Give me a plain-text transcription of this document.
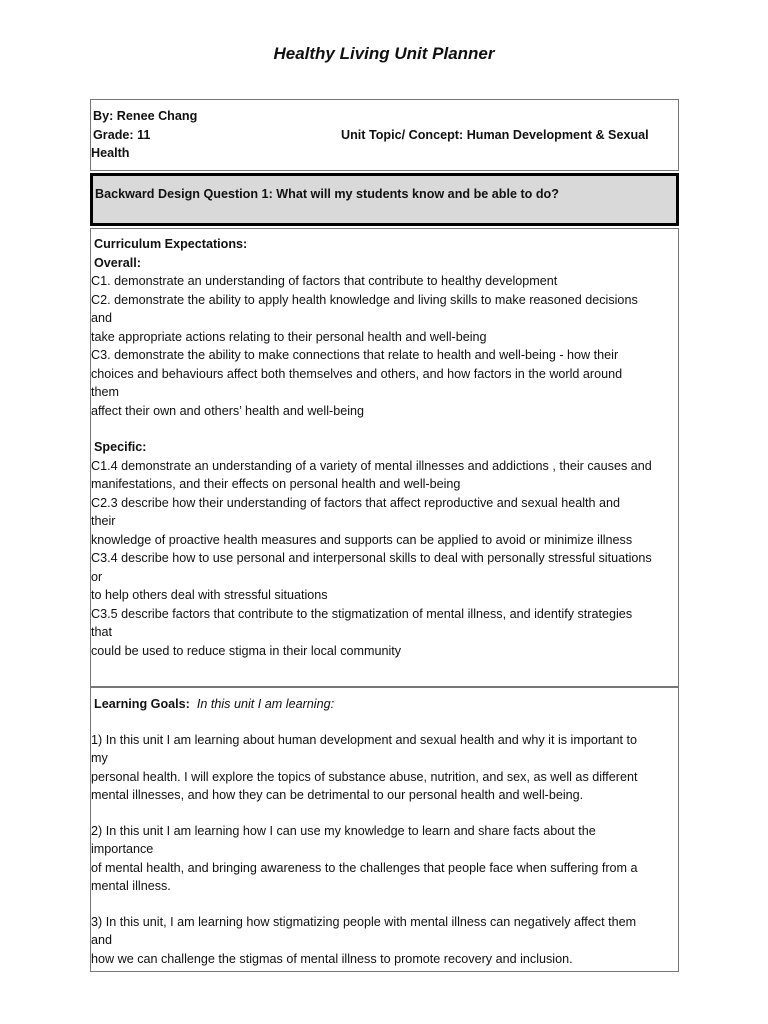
Healthy Living Unit Planner
By: Renee Chang
Grade: 11	Unit Topic/ Concept: Human Development & Sexual
Health
Backward Design Question 1: What will my students know and be able to do?
Curriculum Expectations:
Overall:
C1. demonstrate an understanding of factors that contribute to healthy development
C2. demonstrate the ability to apply health knowledge and living skills to make reasoned decisions
and
take appropriate actions relating to their personal health and well-being
C3. demonstrate the ability to make connections that relate to health and well-being - how their
choices and behaviours affect both themselves and others, and how factors in the world around
them
affect their own and others’ health and well-being
Specific:
C1.4 demonstrate an understanding of a variety of mental illnesses and addictions , their causes and
manifestations, and their effects on personal health and well-being
C2.3 describe how their understanding of factors that affect reproductive and sexual health and
their
knowledge of proactive health measures and supports can be applied to avoid or minimize illness
C3.4 describe how to use personal and interpersonal skills to deal with personally stressful situations
or
to help others deal with stressful situations
C3.5 describe factors that contribute to the stigmatization of mental illness, and identify strategies
that
could be used to reduce stigma in their local community
Learning Goals: In this unit I am learning:
1) In this unit I am learning about human development and sexual health and why it is important to
my
personal health. I will explore the topics of substance abuse, nutrition, and sex, as well as different
mental illnesses, and how they can be detrimental to our personal health and well-being.
2) In this unit I am learning how I can use my knowledge to learn and share facts about the
importance
of mental health, and bringing awareness to the challenges that people face when suffering from a
mental illness.
3) In this unit, I am learning how stigmatizing people with mental illness can negatively affect them
and
how we can challenge the stigmas of mental illness to promote recovery and inclusion.
